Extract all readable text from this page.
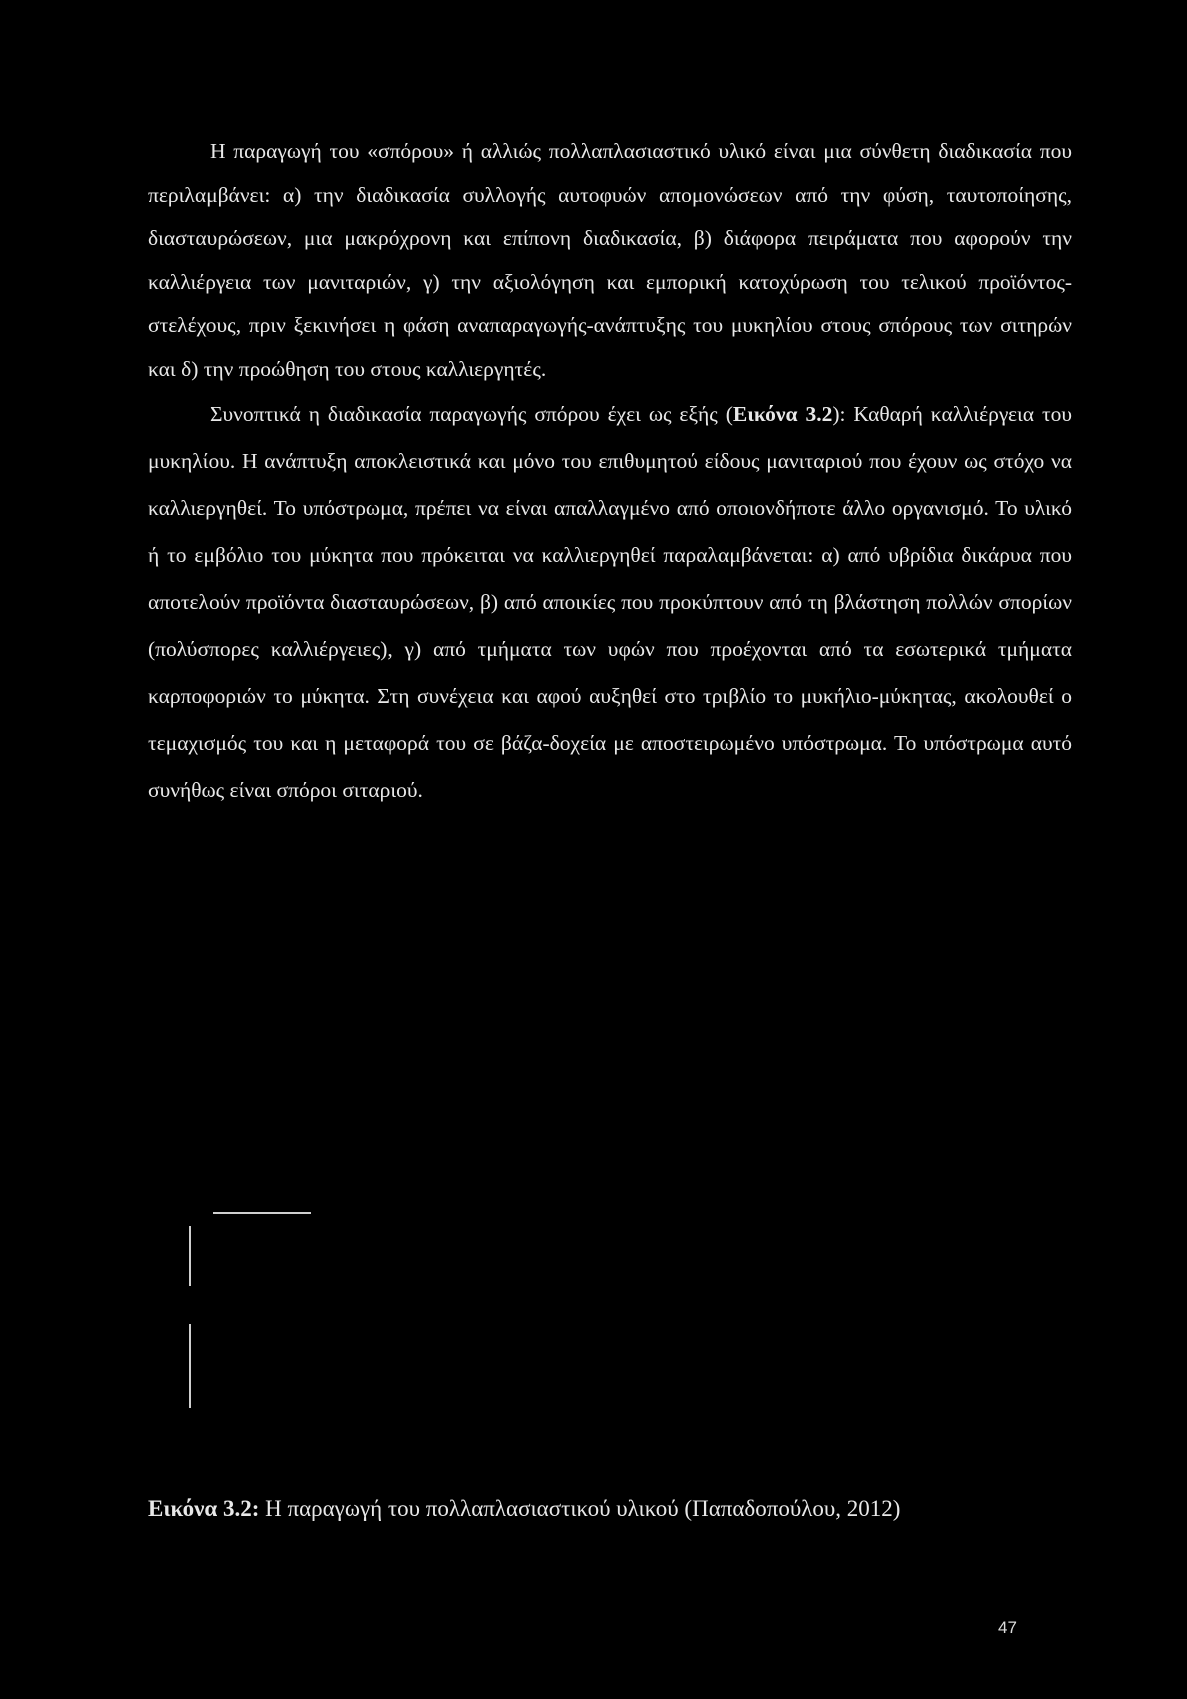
Η παραγωγή του «σπόρου» ή αλλιώς πολλαπλασιαστικό υλικό είναι μια σύνθετη διαδικασία που περιλαμβάνει: α) την διαδικασία συλλογής αυτοφυών απομονώσεων από την φύση, ταυτοποίησης, διασταυρώσεων, μια μακρόχρονη και επίπονη διαδικασία, β) διάφορα πειράματα που αφορούν την καλλιέργεια των μανιταριών, γ) την αξιολόγηση και εμπορική κατοχύρωση του τελικού προϊόντος- στελέχους, πριν ξεκινήσει η φάση αναπαραγωγής-ανάπτυξης του μυκηλίου στους σπόρους των σιτηρών και δ) την προώθηση του στους καλλιεργητές.

Συνοπτικά η διαδικασία παραγωγής σπόρου έχει ως εξής (Εικόνα 3.2): Καθαρή καλλιέργεια του μυκηλίου. Η ανάπτυξη αποκλειστικά και μόνο του επιθυμητού είδους μανιταριού που έχουν ως στόχο να καλλιεργηθεί. Το υπόστρωμα, πρέπει να είναι απαλλαγμένο από οποιονδήποτε άλλο οργανισμό. Το υλικό ή το εμβόλιο του μύκητα που πρόκειται να καλλιεργηθεί παραλαμβάνεται: α) από υβρίδια δικάρυα που αποτελούν προϊόντα διασταυρώσεων, β) από αποικίες που προκύπτουν από τη βλάστηση πολλών σπορίων (πολύσπορες καλλιέργειες), γ) από τμήματα των υφών που προέχονται από τα εσωτερικά τμήματα καρποφοριών το μύκητα. Στη συνέχεια και αφού αυξηθεί στο τριβλίο το μυκήλιο-μύκητας, ακολουθεί ο τεμαχισμός του και η μεταφορά του σε βάζα-δοχεία με αποστειρωμένο υπόστρωμα. Το υπόστρωμα αυτό συνήθως είναι σπόροι σιταριού.

Εικόνα 3.2: Η παραγωγή του πολλαπλασιαστικού υλικού (Παπαδοπούλου, 2012)
47
